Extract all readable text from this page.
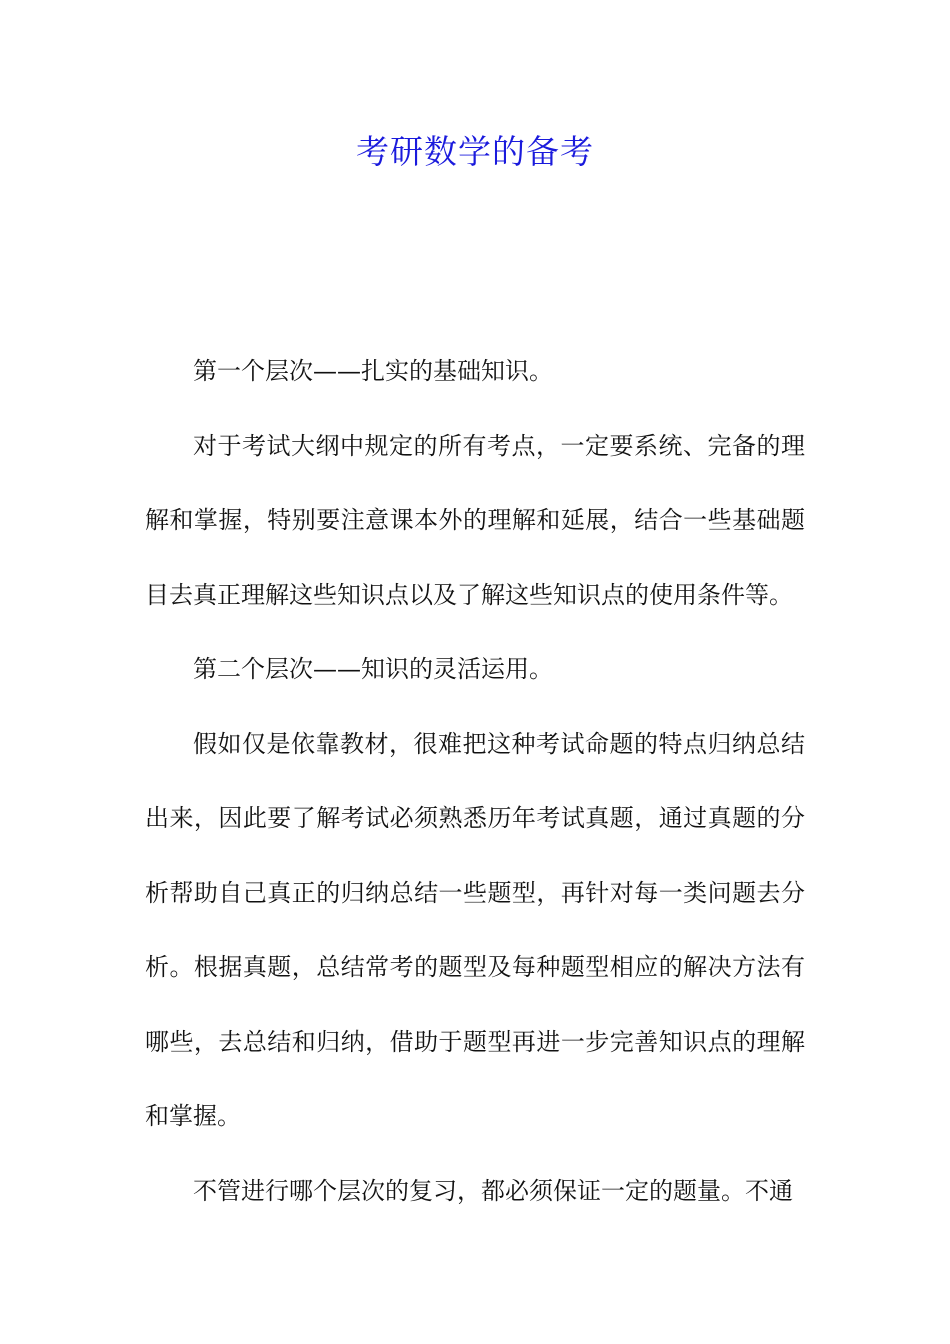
考研数学的备考

第一个层次——扎实的基础知识。

对于考试大纲中规定的所有考点，一定要系统、完备的理解和掌握，特别要注意课本外的理解和延展，结合一些基础题目去真正理解这些知识点以及了解这些知识点的使用条件等。

第二个层次——知识的灵活运用。

假如仅是依靠教材，很难把这种考试命题的特点归纳总结出来，因此要了解考试必须熟悉历年考试真题，通过真题的分析帮助自己真正的归纳总结一些题型，再针对每一类问题去分析。根据真题，总结常考的题型及每种题型相应的解决方法有哪些，去总结和归纳，借助于题型再进一步完善知识点的理解和掌握。

不管进行哪个层次的复习，都必须保证一定的题量。不通
